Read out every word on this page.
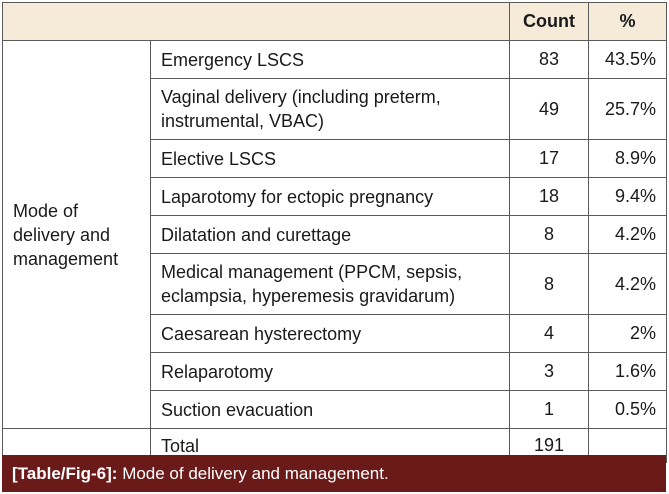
		Count	%
Mode of delivery and management	Emergency LSCS	83	43.5%
	Vaginal delivery (including preterm, instrumental, VBAC)	49	25.7%
	Elective LSCS	17	8.9%
	Laparotomy for ectopic pregnancy	18	9.4%
	Dilatation and curettage	8	4.2%
	Medical management (PPCM, sepsis, eclampsia, hyperemesis gravidarum)	8	4.2%
	Caesarean hysterectomy	4	2%
	Relaparotomy	3	1.6%
	Suction evacuation	1	0.5%
	Total	191	
[Table/Fig-6]: Mode of delivery and management.
